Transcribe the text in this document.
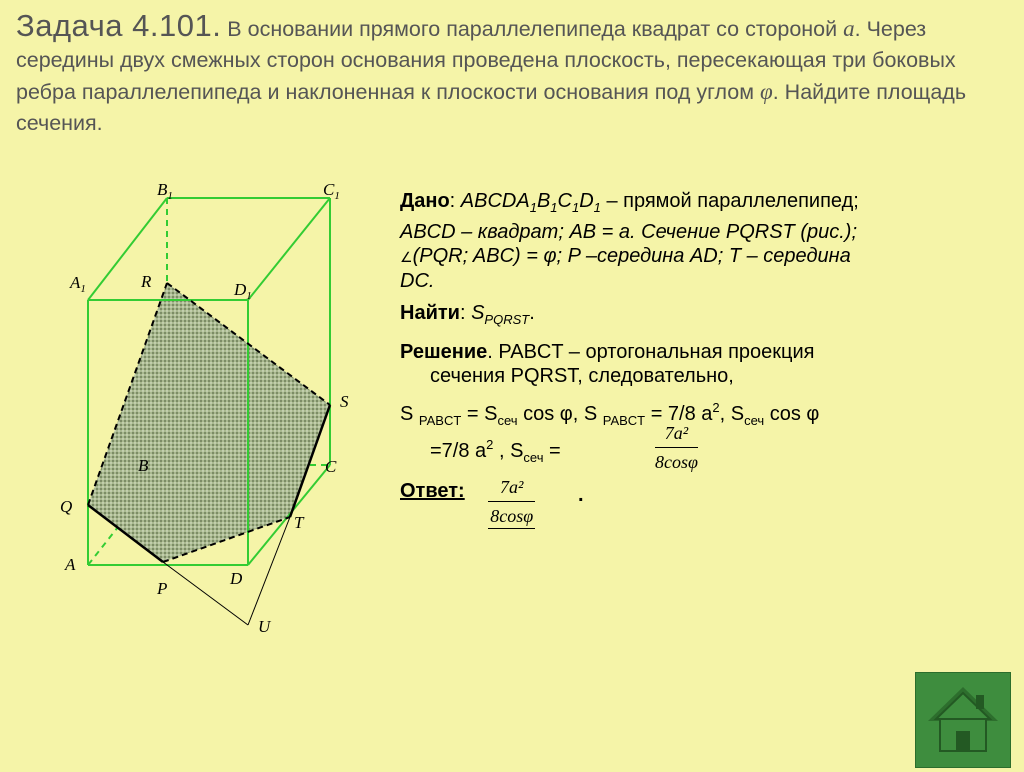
Задача 4.101. В основании прямого параллелепипеда квадрат со стороной a. Через середины двух смежных сторон основания проведена плоскость, пересекающая три боковых ребра параллелепипеда и наклоненная к плоскости основания под углом φ. Найдите площадь сечения.
$B_1$	$C_1$
$A_1$	$D_1$
R
S
B	C
Q
T
A
D
P
U

Дано: $ABCDA_1B_1C_1D_1$ – прямой параллелепипед;

ABCD – квадрат; AB = a. Сечение PQRST (рис.);

∠(PQR; ABC) = φ; P –середина AD; T – середина

DC.

Найти: $S_{PQRST}$.

Решение. PABCT – ортогональная проекция

сечения PQRST, следовательно,

S $_{PABCT} = S_{сеч}$ cos φ, S $_{PABCT}$ = 7/8 $a^2$, $S_{сеч}$ cos φ

=7/8 $a^2$ , $S_{сеч}$ =	$\frac{\text{7a²}}{8\cos\varphi}$

Ответ: $\frac{\text{7a²}}{8\cos\varphi}$ .
